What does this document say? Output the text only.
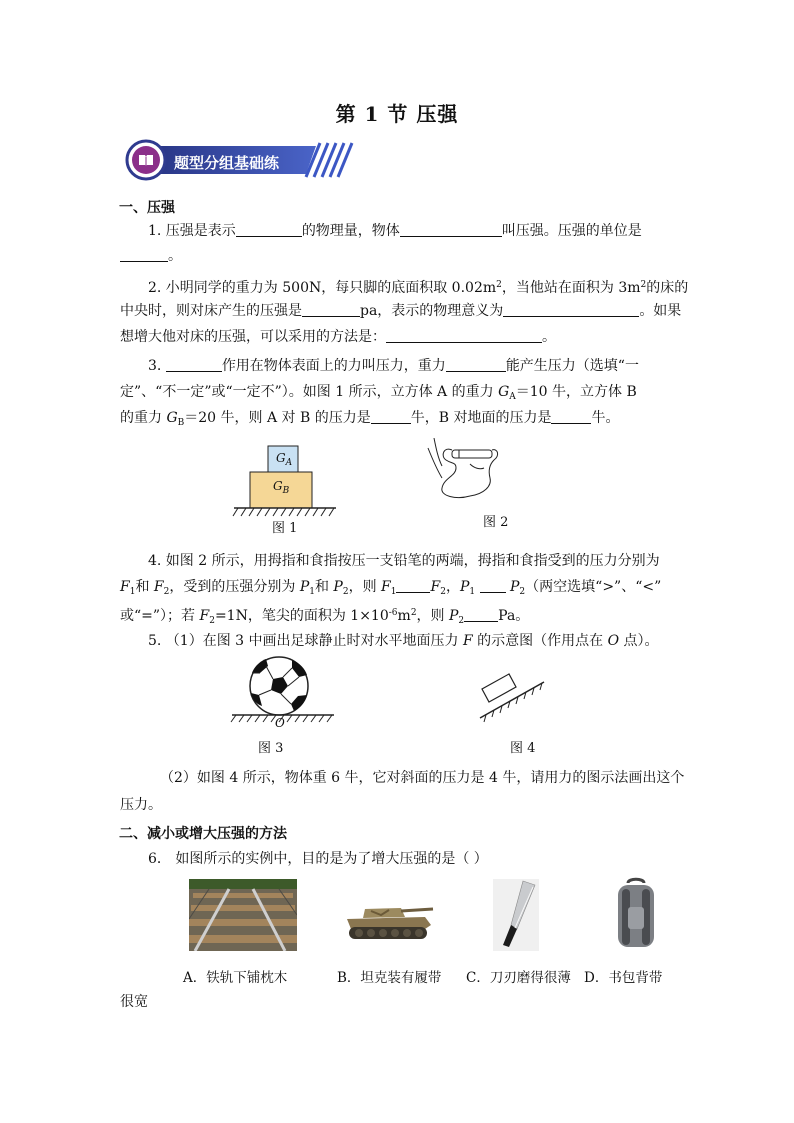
第 1 节 压强
题型分组基础练
一、压强
1. 压强是表示	的物理量，物体	叫压强。压强的单位是
。
2. 小明同学的重力为 500N，每只脚的底面积取 $0.02m^2$，当他站在面积为 $3m^2$的床的
中央时，则对床产生的压强是	pa，表示的物理意义为	。如果
想增大他对床的压强，可以采用的方法是：	。
3.	作用在物体表面上的力叫压力，重力	能产生压力（选填“一
定”、“不一定”或“一定不”）。如图 1 所示，立方体 A 的重力 $G_A=10$ 牛，立方体 B
的重力 $G_B=20$ 牛，则 A 对 B 的压力是	牛，B 对地面的压力是	牛。
$G_A$
$G_B$
图 1	图 2
4. 如图 2 所示，用拇指和食指按压一支铅笔的两端，拇指和食指受到的压力分别为
$F_1$和 $F_2$，受到的压强分别为 $P_1$和 $P_2$，则 $F_1$ $F_2$，$P_1$ $P_2$（两空选填“>”、“<”
或“=”）；若 $F_2=1N$，笔尖的面积为 $1\times 10^{-6}m^2$，则 $P_2$ Pa。
5. （1）在图 3 中画出足球静止时对水平地面压力 F 的示意图（作用点在 O 点）。
O
图 3	图 4
（2）如图 4 所示，物体重 6 牛，它对斜面的压力是 4 牛，请用力的图示法画出这个
压力。
二、减小或增大压强的方法
6． 如图所示的实例中，目的是为了增大压强的是（ ）
A．铁轨下铺枕木	B．坦克装有履带 C．刀刃磨得很薄 D．书包背带
很宽
